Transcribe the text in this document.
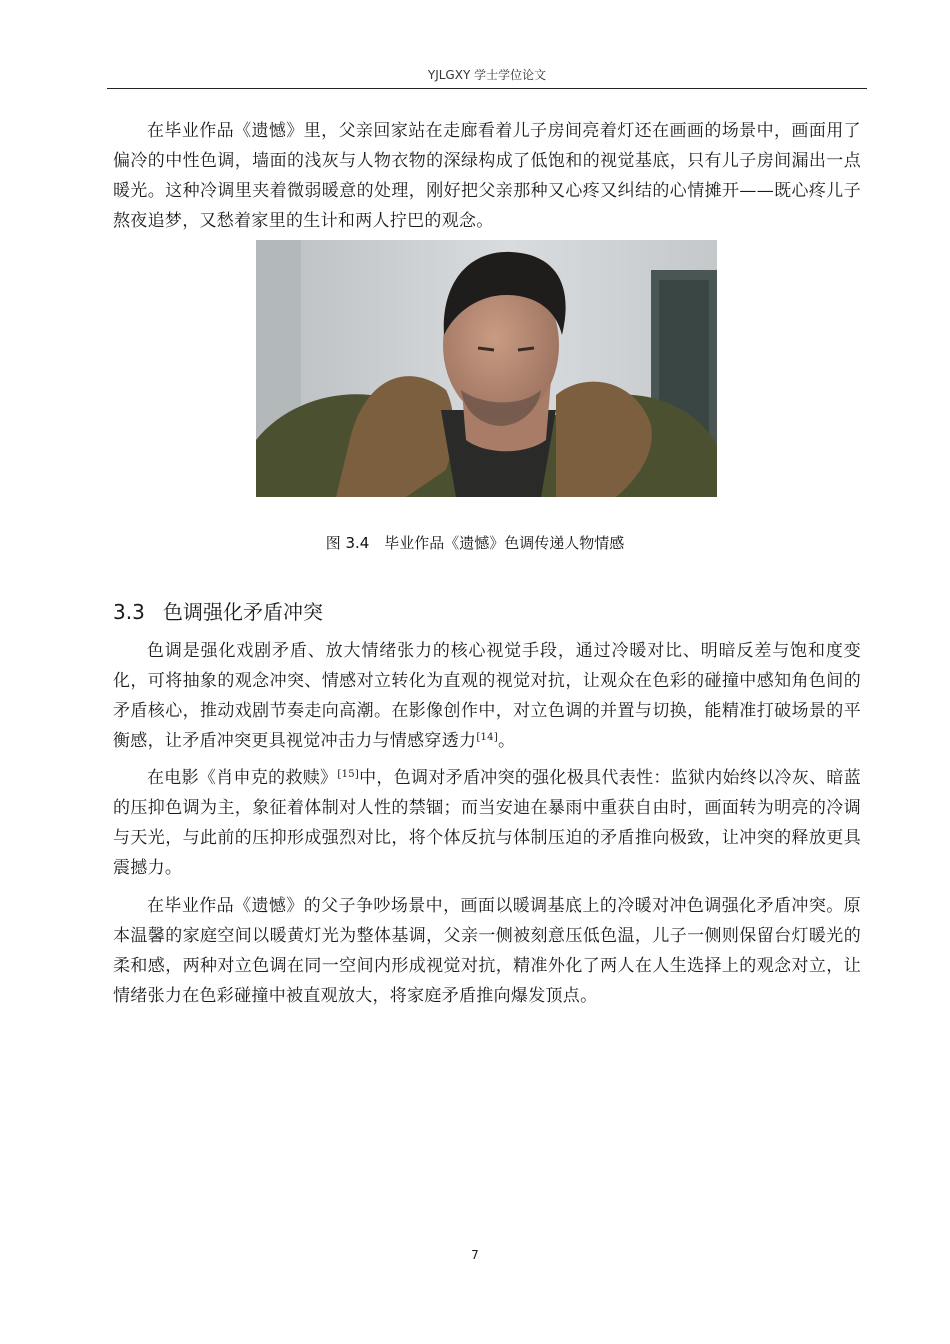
YJLGXY 学士学位论文

在毕业作品《遗憾》里，父亲回家站在走廊看着儿子房间亮着灯还在画画的场景中，画面用了偏冷的中性色调，墙面的浅灰与人物衣物的深绿构成了低饱和的视觉基底，只有儿子房间漏出一点暖光。这种冷调里夹着微弱暖意的处理，刚好把父亲那种又心疼又纠结的心情摊开——既心疼儿子熬夜追梦，又愁着家里的生计和两人拧巴的观念。

图 3.4　毕业作品《遗憾》色调传递人物情感
3.3 色调强化矛盾冲突

色调是强化戏剧矛盾、放大情绪张力的核心视觉手段，通过冷暖对比、明暗反差与饱和度变化，可将抽象的观念冲突、情感对立转化为直观的视觉对抗，让观众在色彩的碰撞中感知角色间的矛盾核心，推动戏剧节奏走向高潮。在影像创作中，对立色调的并置与切换，能精准打破场景的平衡感，让矛盾冲突更具视觉冲击力与情感穿透力[14]。

在电影《肖申克的救赎》[15]中，色调对矛盾冲突的强化极具代表性：监狱内始终以冷灰、暗蓝的压抑色调为主，象征着体制对人性的禁锢；而当安迪在暴雨中重获自由时，画面转为明亮的冷调与天光，与此前的压抑形成强烈对比，将个体反抗与体制压迫的矛盾推向极致，让冲突的释放更具震撼力。

在毕业作品《遗憾》的父子争吵场景中，画面以暖调基底上的冷暖对冲色调强化矛盾冲突。原本温馨的家庭空间以暖黄灯光为整体基调，父亲一侧被刻意压低色温，儿子一侧则保留台灯暖光的柔和感，两种对立色调在同一空间内形成视觉对抗，精准外化了两人在人生选择上的观念对立，让情绪张力在色彩碰撞中被直观放大，将家庭矛盾推向爆发顶点。

7
